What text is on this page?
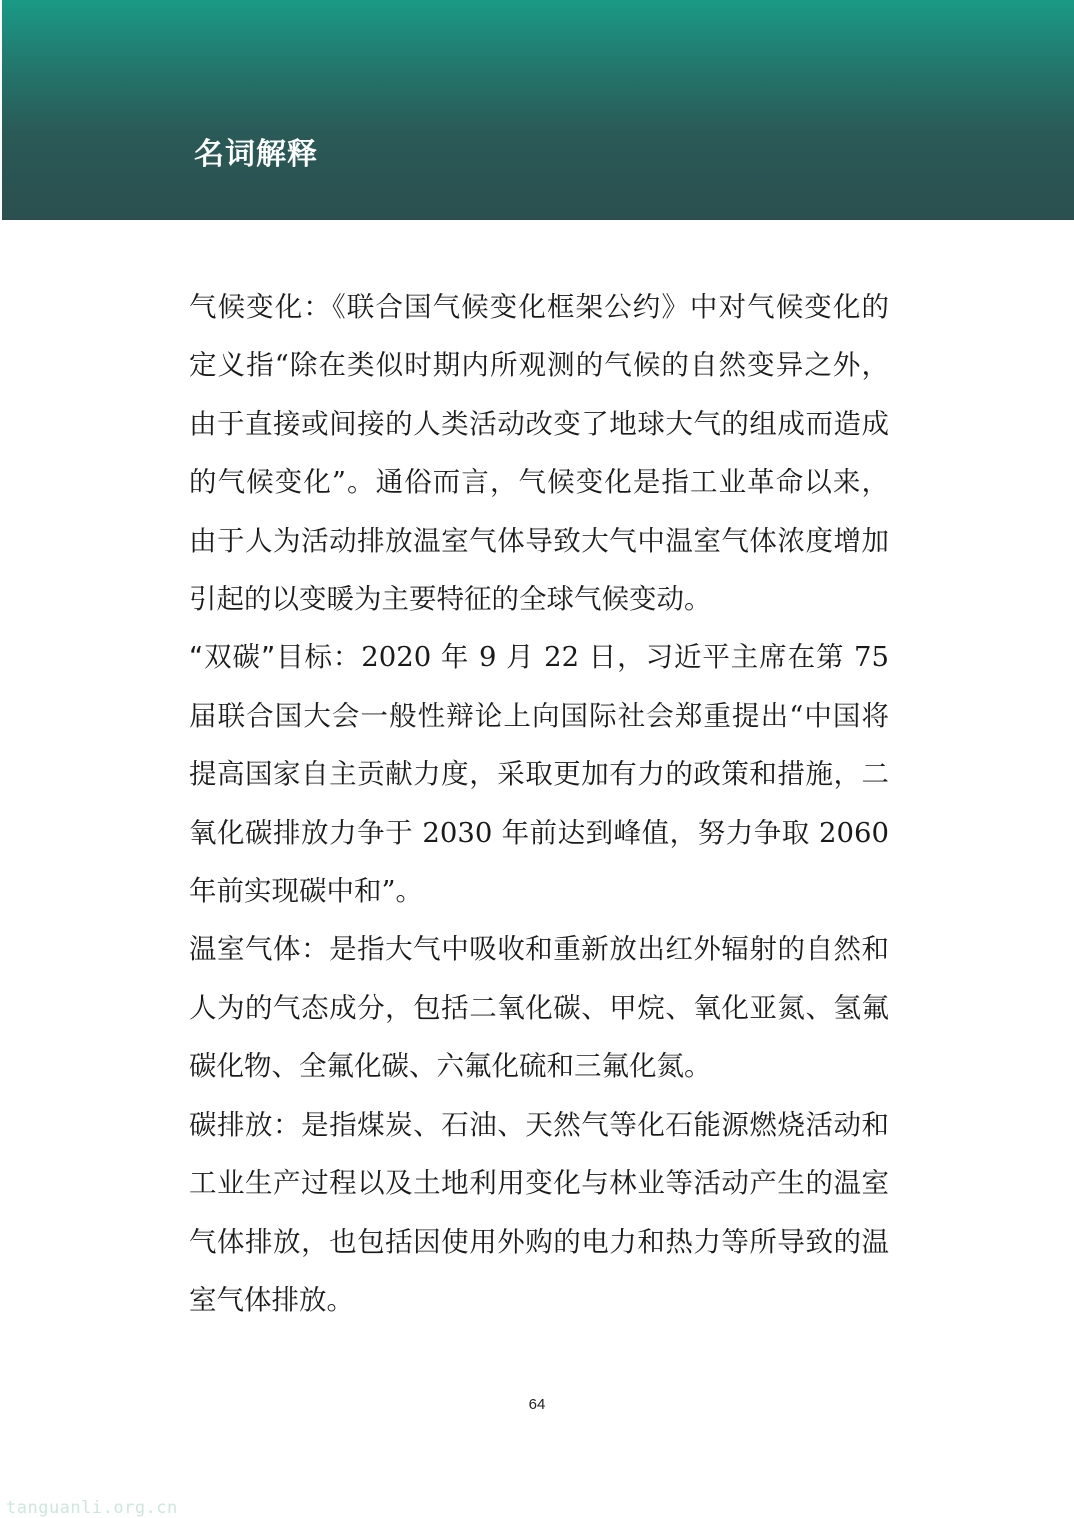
名词解释

气候变化：《联合国气候变化框架公约》中对气候变化的定义指“除在类似时期内所观测的气候的自然变异之外，由于直接或间接的人类活动改变了地球大气的组成而造成的气候变化”。通俗而言，气候变化是指工业革命以来，由于人为活动排放温室气体导致大气中温室气体浓度增加引起的以变暖为主要特征的全球气候变动。

“双碳”目标：2020 年 9 月 22 日，习近平主席在第 75 届联合国大会一般性辩论上向国际社会郑重提出“中国将提高国家自主贡献力度，采取更加有力的政策和措施，二氧化碳排放力争于 2030 年前达到峰值，努力争取 2060 年前实现碳中和”。

温室气体：是指大气中吸收和重新放出红外辐射的自然和人为的气态成分，包括二氧化碳、甲烷、氧化亚氮、氢氟碳化物、全氟化碳、六氟化硫和三氟化氮。

碳排放：是指煤炭、石油、天然气等化石能源燃烧活动和工业生产过程以及土地利用变化与林业等活动产生的温室气体排放，也包括因使用外购的电力和热力等所导致的温室气体排放。

64
tanguanli.org.cn
